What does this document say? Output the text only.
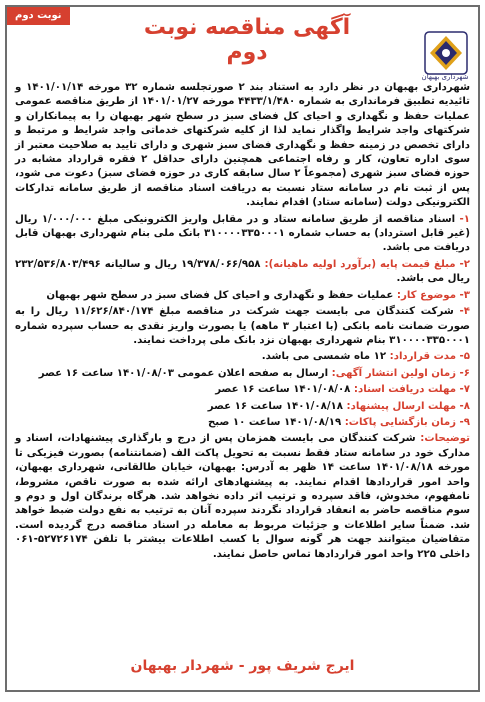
نوبت دوم	آگهی مناقصه نوبت دوم
شهرداری بهبهان

شهرداری بهبهان در نظر دارد به استناد بند ۲ صورتجلسه شماره ۳۲ مورخه ۱۴۰۱/۰۱/۱۴ و تائیدیه تطبیق فرمانداری به شماره ۴۴۳۳/۱/۴۸۰ مورخه ۱۴۰۱/۰۱/۲۷ از طریق مناقصه عمومی عملیات حفظ و نگهداری و احیای کل فضای سبز در سطح شهر بهبهان را به پیمانکاران و شرکتهای واجد شرایط واگذار نماید لذا از کلیه شرکتهای خدماتی واجد شرایط و مرتبط و دارای تخصص در زمینه حفظ و نگهداری فضای سبز شهری و دارای تایید به صلاحیت معتبر از سوی اداره تعاون، کار و رفاه اجتماعی همچنین دارای حداقل ۲ فقره قرارداد مشابه در حوزه فضای سبز شهری (مجموعاً ۲ سال سابقه کاری در حوزه فضای سبز) دعوت می شود، پس از ثبت نام در سامانه ستاد نسبت به دریافت اسناد مناقصه از طریق سامانه تدارکات الکترونیکی دولت (سامانه ستاد) اقدام نمایند.

۱- اسناد مناقصه از طریق سامانه ستاد و در مقابل واریز الکترونیکی مبلغ ۱/۰۰۰/۰۰۰ ریال (غیر قابل استرداد) به حساب شماره ۳۱۰۰۰۰۳۳۵۰۰۰۱ بانک ملی بنام شهرداری بهبهان قابل دریافت می باشد.

۲- مبلغ قیمت پایه (برآورد اولیه ماهیانه): ۱۹/۳۷۸/۰۶۶/۹۵۸ ریال و سالیانه ۲۳۲/۵۳۶/۸۰۳/۴۹۶ ریال می باشد.

۳- موضوع کار: عملیات حفظ و نگهداری و احیای کل فضای سبز در سطح شهر بهبهان

۴- شرکت کنندگان می بایست جهت شرکت در مناقصه مبلغ ۱۱/۶۲۶/۸۴۰/۱۷۴ ریال را به صورت ضمانت نامه بانکی (با اعتبار ۳ ماهه) یا بصورت واریز نقدی به حساب سپرده شماره ۳۱۰۰۰۰۳۳۵۰۰۰۱ بنام شهرداری بهبهان نزد بانک ملی پرداخت نمایند.

۵- مدت قرارداد: ۱۲ ماه شمسی می باشد.

۶- زمان اولین انتشار آگهی: ارسال به صفحه اعلان عمومی ۱۴۰۱/۰۸/۰۳ ساعت ۱۶ عصر

۷- مهلت دریافت اسناد: ۱۴۰۱/۰۸/۰۸ ساعت ۱۶ عصر

۸- مهلت ارسال پیشنهاد: ۱۴۰۱/۰۸/۱۸ ساعت ۱۶ عصر

۹- زمان بازگشایی پاکات: ۱۴۰۱/۰۸/۱۹ ساعت ۱۰ صبح

توضیحات: شرکت کنندگان می بایست همزمان پس از درج و بارگذاری پیشنهادات، اسناد و مدارک خود در سامانه ستاد فقط نسبت به تحویل پاکت الف (ضمانتنامه) بصورت فیزیکی تا مورخه ۱۴۰۱/۰۸/۱۸ ساعت ۱۴ ظهر به آدرس: بهبهان، خیابان طالقانی، شهرداری بهبهان، واحد امور قراردادها اقدام نمایند. به پیشنهادهای ارائه شده به صورت ناقص، مشروط، نامفهوم، مخدوش، فاقد سپرده و ترتیب اثر داده نخواهد شد. هرگاه برندگان اول و دوم و سوم مناقصه حاضر به انعقاد قرارداد نگردند سپرده آنان به ترتیب به نفع دولت ضبط خواهد شد. ضمناً سایر اطلاعات و جزئیات مربوط به معامله در اسناد مناقصه درج گردیده است. متقاضیان میتوانند جهت هر گونه سوال یا کسب اطلاعات بیشتر با تلفن ۵۲۷۲۶۱۷۴-۰۶۱ داخلی ۲۲۵ واحد امور قراردادها تماس حاصل نمایند.

ایرج شریف پور - شهردار بهبهان
